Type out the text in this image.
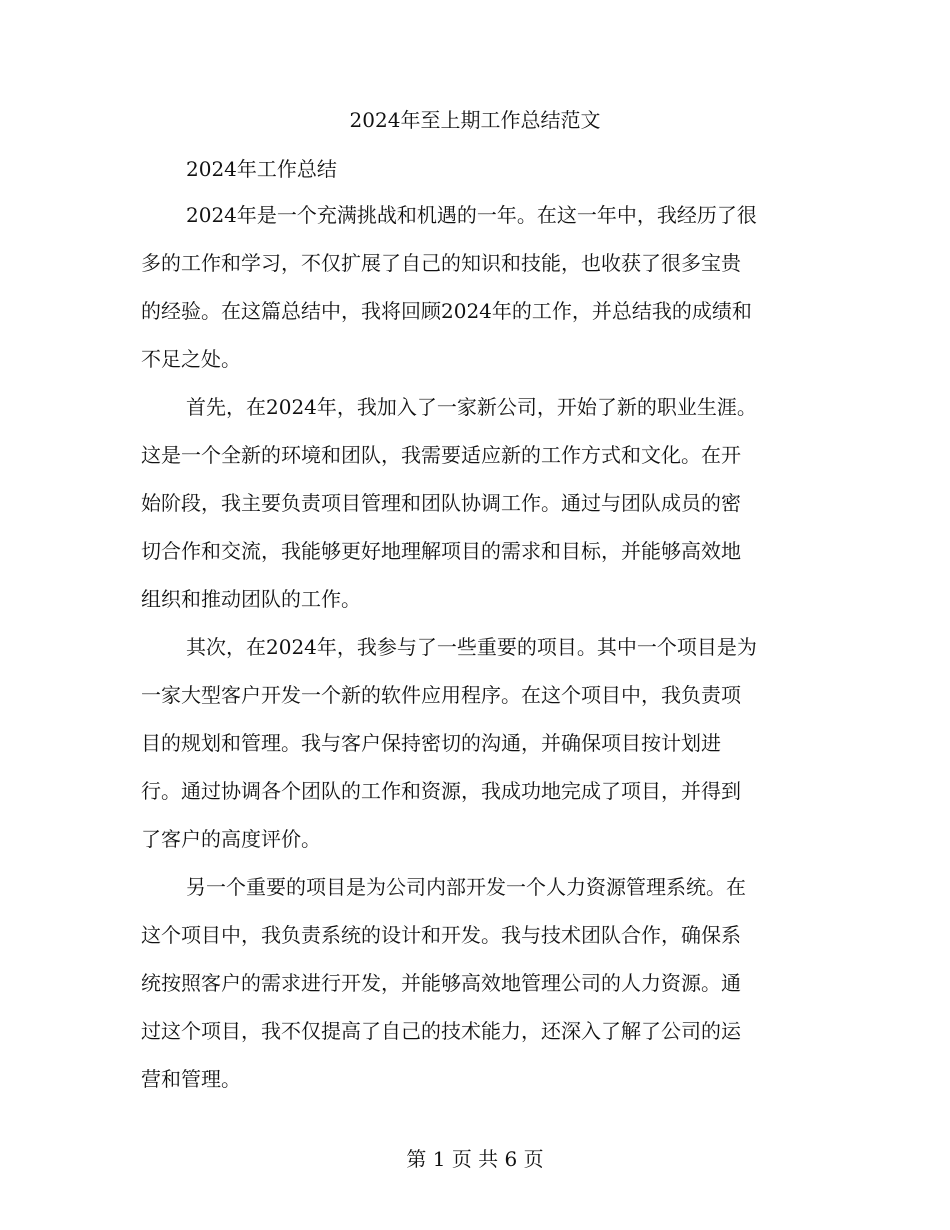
2024年至上期工作总结范文
2024年工作总结
2024年是一个充满挑战和机遇的一年。在这一年中，我经历了很
多的工作和学习，不仅扩展了自己的知识和技能，也收获了很多宝贵
的经验。在这篇总结中，我将回顾2024年的工作，并总结我的成绩和
不足之处。
首先，在2024年，我加入了一家新公司，开始了新的职业生涯。
这是一个全新的环境和团队，我需要适应新的工作方式和文化。在开
始阶段，我主要负责项目管理和团队协调工作。通过与团队成员的密
切合作和交流，我能够更好地理解项目的需求和目标，并能够高效地
组织和推动团队的工作。
其次，在2024年，我参与了一些重要的项目。其中一个项目是为
一家大型客户开发一个新的软件应用程序。在这个项目中，我负责项
目的规划和管理。我与客户保持密切的沟通，并确保项目按计划进
行。通过协调各个团队的工作和资源，我成功地完成了项目，并得到
了客户的高度评价。
另一个重要的项目是为公司内部开发一个人力资源管理系统。在
这个项目中，我负责系统的设计和开发。我与技术团队合作，确保系
统按照客户的需求进行开发，并能够高效地管理公司的人力资源。通
过这个项目，我不仅提高了自己的技术能力，还深入了解了公司的运
营和管理。
第 1 页 共 6 页
